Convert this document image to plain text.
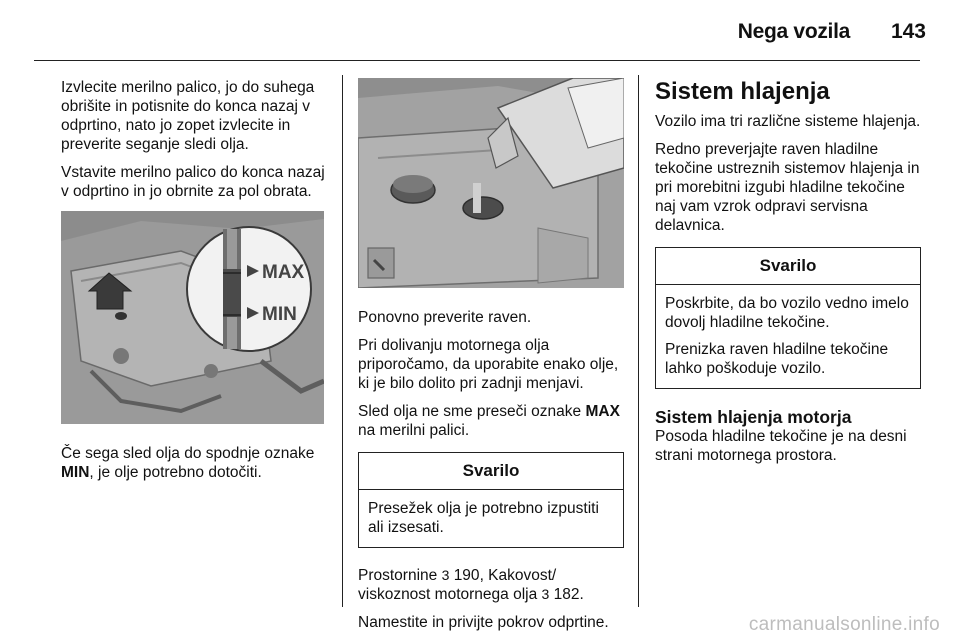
Nega vozila	143

Izvlecite merilno palico, jo do suhega obrišite in potisnite do konca nazaj v odprtino, nato jo zopet izvlecite in preverite seganje sledi olja.

Vstavite merilno palico do konca nazaj v odprtino in jo obrnite za pol obrata.

MAX
MIN

Če sega sled olja do spodnje oznake MIN, je olje potrebno dotočiti.

Ponovno preverite raven.

Pri dolivanju motornega olja priporočamo, da uporabite enako olje, ki je bilo dolito pri zadnji menjavi.

Sled olja ne sme preseči oznake MAX na merilni palici.

Svarilo

Presežek olja je potrebno izpustiti ali izsesati.

Prostornine 3 190, Kakovost/ viskoznost motornega olja 3 182.

Namestite in privijte pokrov odprtine.

Sistem hlajenja

Vozilo ima tri različne sisteme hlajenja.

Redno preverjajte raven hladilne tekočine ustreznih sistemov hlajenja in pri morebitni izgubi hladilne tekočine naj vam vzrok odpravi servisna delavnica.

Svarilo

Poskrbite, da bo vozilo vedno imelo dovolj hladilne tekočine.

Prenizka raven hladilne tekočine lahko poškoduje vozilo.

Sistem hlajenja motorja

Posoda hladilne tekočine je na desni strani motornega prostora.

carmanualsonline.info
